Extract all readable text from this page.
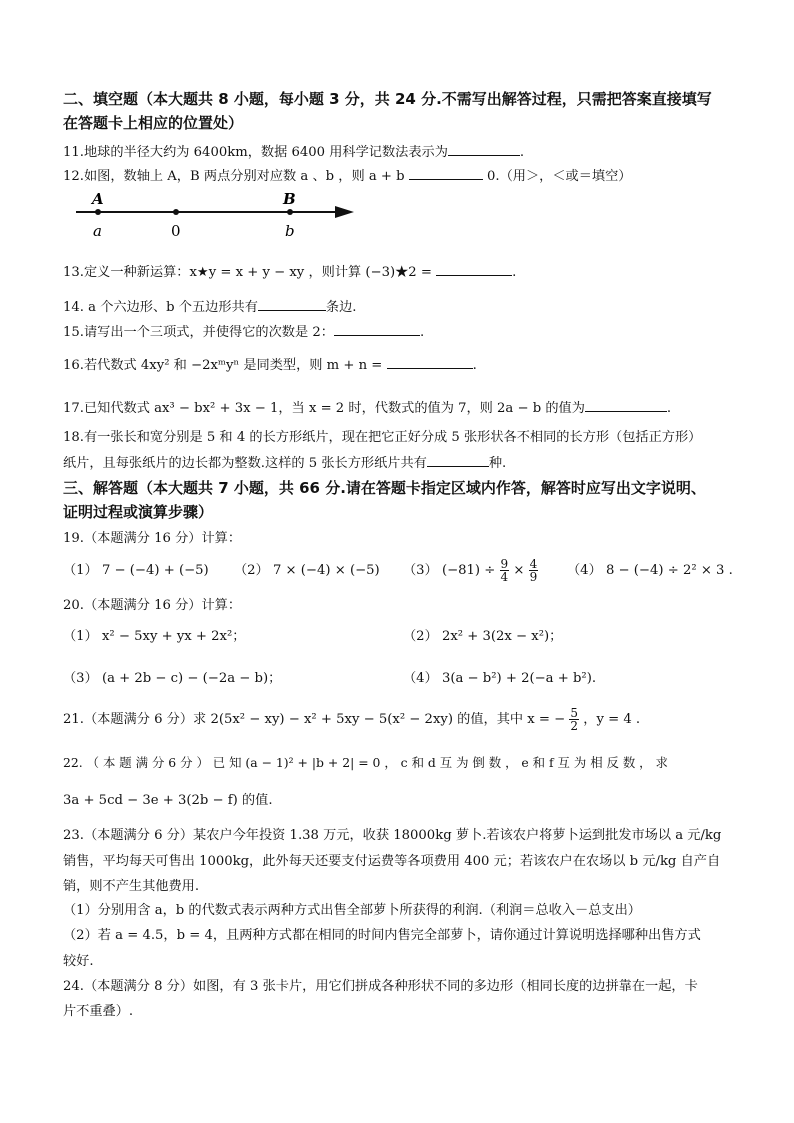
二、填空题（本大题共 8 小题，每小题 3 分，共 24 分.不需写出解答过程，只需把答案直接填写
在答题卡上相应的位置处）
11.地球的半径大约为 6400km，数据 6400 用科学记数法表示为	.
12.如图，数轴上 A，B 两点分别对应数 a 、b ，则 a + b	0.（用＞，＜或＝填空）
A	B
a	0	b
13.定义一种新运算：x★y = x + y − xy ，则计算 (−3)★2 =	.
14. a 个六边形、b 个五边形共有	条边.
15.请写出一个三项式，并使得它的次数是 2：	.
16.若代数式 4xy² 和 −2xᵐyⁿ 是同类型，则 m + n =	.
17.已知代数式 ax³ − bx² + 3x − 1，当 x = 2 时，代数式的值为 7，则 2a − b 的值为	.
18.有一张长和宽分别是 5 和 4 的长方形纸片，现在把它正好分成 5 张形状各不相同的长方形（包括正方形）
纸片，且每张纸片的边长都为整数.这样的 5 张长方形纸片共有	种.
三、解答题（本大题共 7 小题，共 66 分.请在答题卡指定区域内作答，解答时应写出文字说明、
证明过程或演算步骤）
19.（本题满分 16 分）计算：
（1） 7 − (−4) + (−5) （2） 7 × (−4) × (−5) （3） $(-81) \div \frac{9}{4} \times \frac{4}{9} (4) 8 - (-4) \div 2^2 \times 3$ .
20.（本题满分 16 分）计算：
（1） x² − 5xy + yx + 2x²；	（2） 2x² + 3(2x − x²)；
（3） (a + 2b − c) − (−2a − b)；	（4） 3(a − b²) + 2(−a + b²).
21.（本题满分 6 分）求 2(5x² − xy) − x² + 5xy − 5(x² − 2xy) 的值，其中 x = − $\frac{5}{2}$ ，y = 4 .
22. （ 本 题 满 分 6 分 ） 已 知 (a − 1)² + |b + 2| = 0 ， c 和 d 互 为 倒 数 ， e 和 f 互 为 相 反 数 ， 求
3a + 5cd − 3e + 3(2b − f) 的值.
23.（本题满分 6 分）某农户今年投资 1.38 万元，收获 18000kg 萝卜.若该农户将萝卜运到批发市场以 a 元/kg
销售，平均每天可售出 1000kg，此外每天还要支付运费等各项费用 400 元；若该农户在农场以 b 元/kg 自产自
销，则不产生其他费用.
（1）分别用含 a，b 的代数式表示两种方式出售全部萝卜所获得的利润.（利润＝总收入－总支出）
（2）若 a = 4.5，b = 4，且两种方式都在相同的时间内售完全部萝卜，请你通过计算说明选择哪种出售方式
较好.
24.（本题满分 8 分）如图，有 3 张卡片，用它们拼成各种形状不同的多边形（相同长度的边拼靠在一起，卡
片不重叠）.
